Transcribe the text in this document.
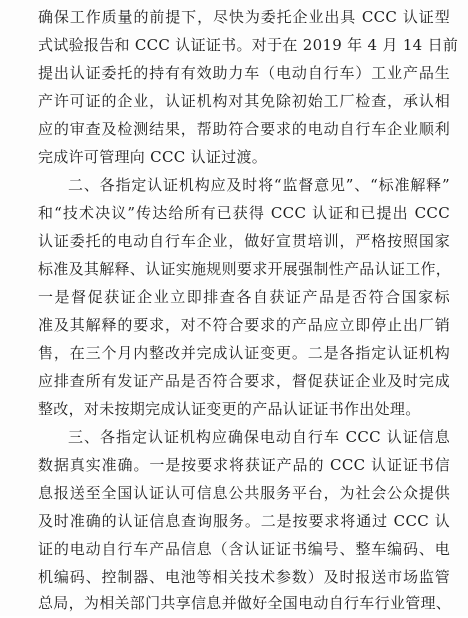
确保工作质量的前提下，尽快为委托企业出具 CCC 认证型
式试验报告和 CCC 认证证书。对于在 2019 年 4 月 14 日前
提出认证委托的持有有效助力车（电动自行车）工业产品生
产许可证的企业，认证机构对其免除初始工厂检查，承认相
应的审查及检测结果，帮助符合要求的电动自行车企业顺利
完成许可管理向 CCC 认证过渡。
二、各指定认证机构应及时将“监督意见”、“标准解释”
和“技术决议”传达给所有已获得 CCC 认证和已提出 CCC
认证委托的电动自行车企业，做好宣贯培训，严格按照国家
标准及其解释、认证实施规则要求开展强制性产品认证工作，
一是督促获证企业立即排查各自获证产品是否符合国家标
准及其解释的要求，对不符合要求的产品应立即停止出厂销
售，在三个月内整改并完成认证变更。二是各指定认证机构
应排查所有发证产品是否符合要求，督促获证企业及时完成
整改，对未按期完成认证变更的产品认证证书作出处理。
三、各指定认证机构应确保电动自行车 CCC 认证信息
数据真实准确。一是按要求将获证产品的 CCC 认证证书信
息报送至全国认证认可信息公共服务平台，为社会公众提供
及时准确的认证信息查询服务。二是按要求将通过 CCC 认
证的电动自行车产品信息（含认证证书编号、整车编码、电
机编码、控制器、电池等相关技术参数）及时报送市场监管
总局，为相关部门共享信息并做好全国电动自行车行业管理、
